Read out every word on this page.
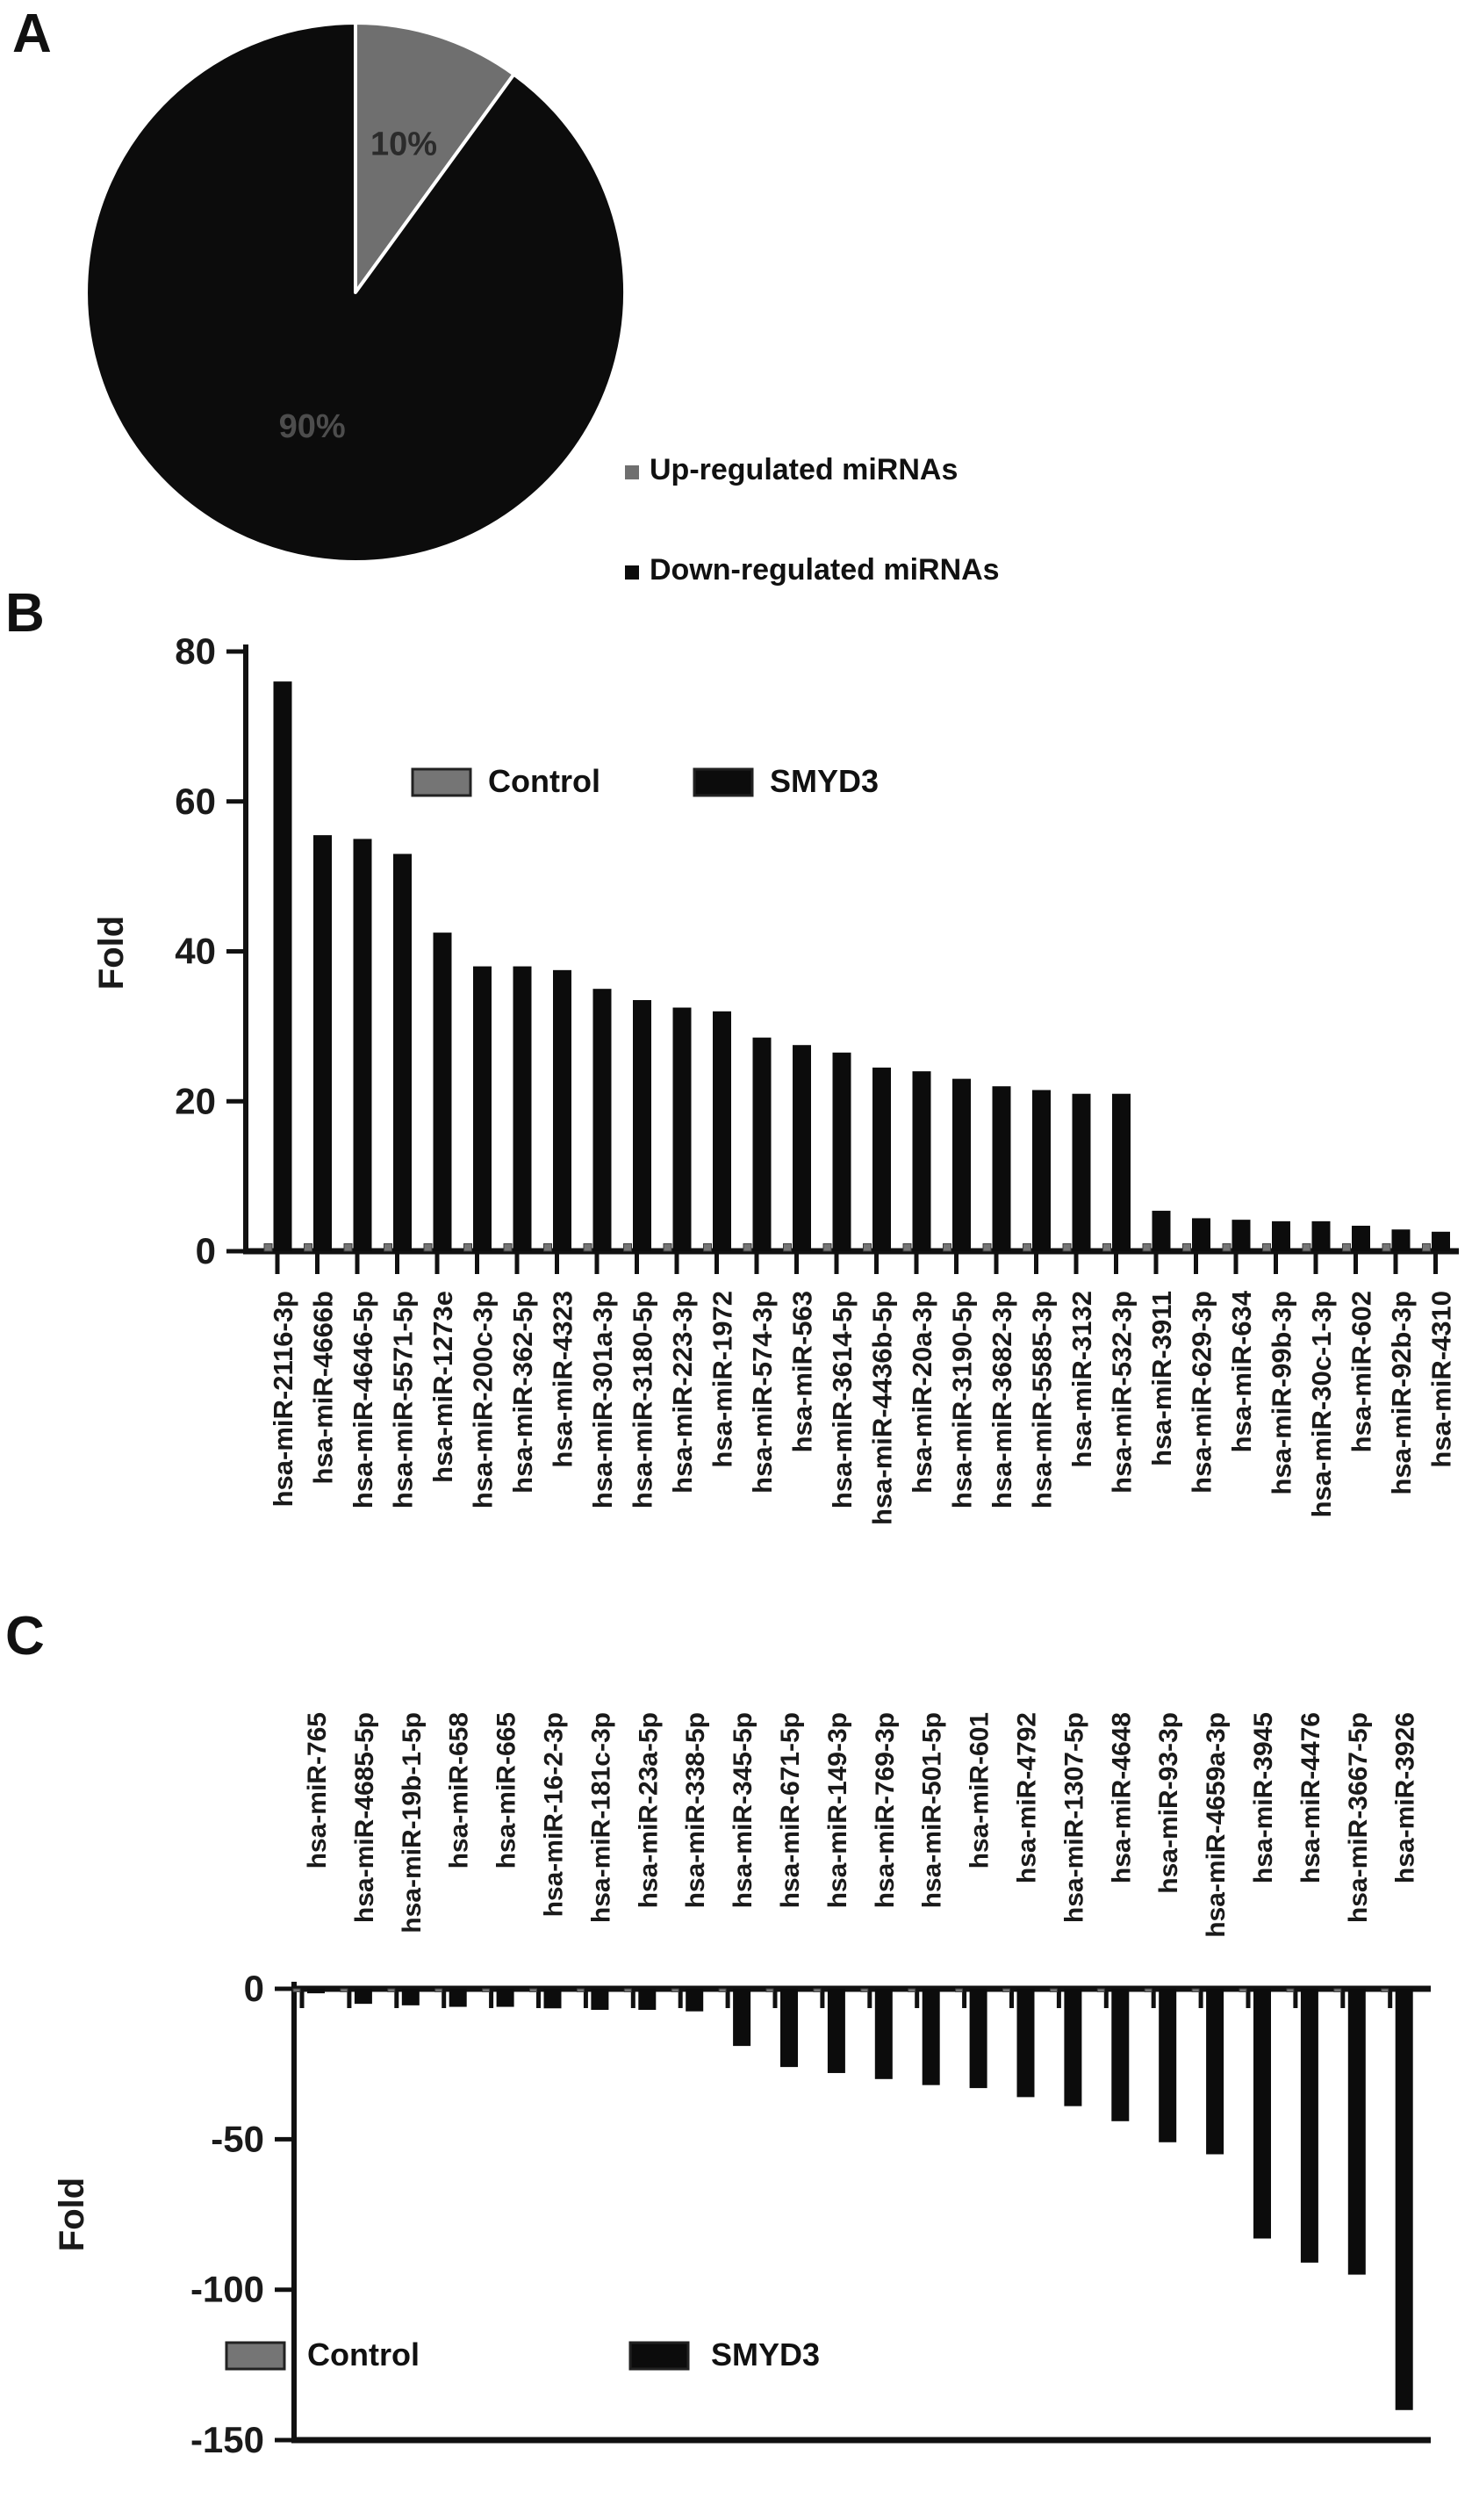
A
B
C
10%
90%
Up-regulated miRNAs
Down-regulated miRNAs
0
20
40
60
80
Fold
hsa-miR-2116-3p hsa-miR-4666b hsa-miR-4646-5p hsa-miR-5571-5p hsa-miR-1273e hsa-miR-200c-3p hsa-miR-362-5p hsa-miR-4323 hsa-miR-301a-3p hsa-miR-3180-5p hsa-miR-223-3p hsa-miR-1972 hsa-miR-574-3p hsa-miR-563 hsa-miR-3614-5p hsa-miR-4436b-5p hsa-miR-20a-3p hsa-miR-3190-5p hsa-miR-3682-3p hsa-miR-5585-3p hsa-miR-3132 hsa-miR-532-3p hsa-miR-3911 hsa-miR-629-3p hsa-miR-634 hsa-miR-99b-3p hsa-miR-30c-1-3p hsa-miR-602 hsa-miR-92b-3p hsa-miR-4310
Control	SMYD3
0
-50
-100
-150
Fold
hsa-miR-765 hsa-miR-4685-5p hsa-miR-19b-1-5p hsa-miR-658 hsa-miR-665 hsa-miR-16-2-3p hsa-miR-181c-3p hsa-miR-23a-5p hsa-miR-338-5p hsa-miR-345-5p hsa-miR-671-5p hsa-miR-149-3p hsa-miR-769-3p hsa-miR-501-5p hsa-miR-601 hsa-miR-4792 hsa-miR-1307-5p hsa-miR-4648 hsa-miR-93-3p hsa-miR-4659a-3p hsa-miR-3945 hsa-miR-4476 hsa-miR-3667-5p hsa-miR-3926
Control	SMYD3
